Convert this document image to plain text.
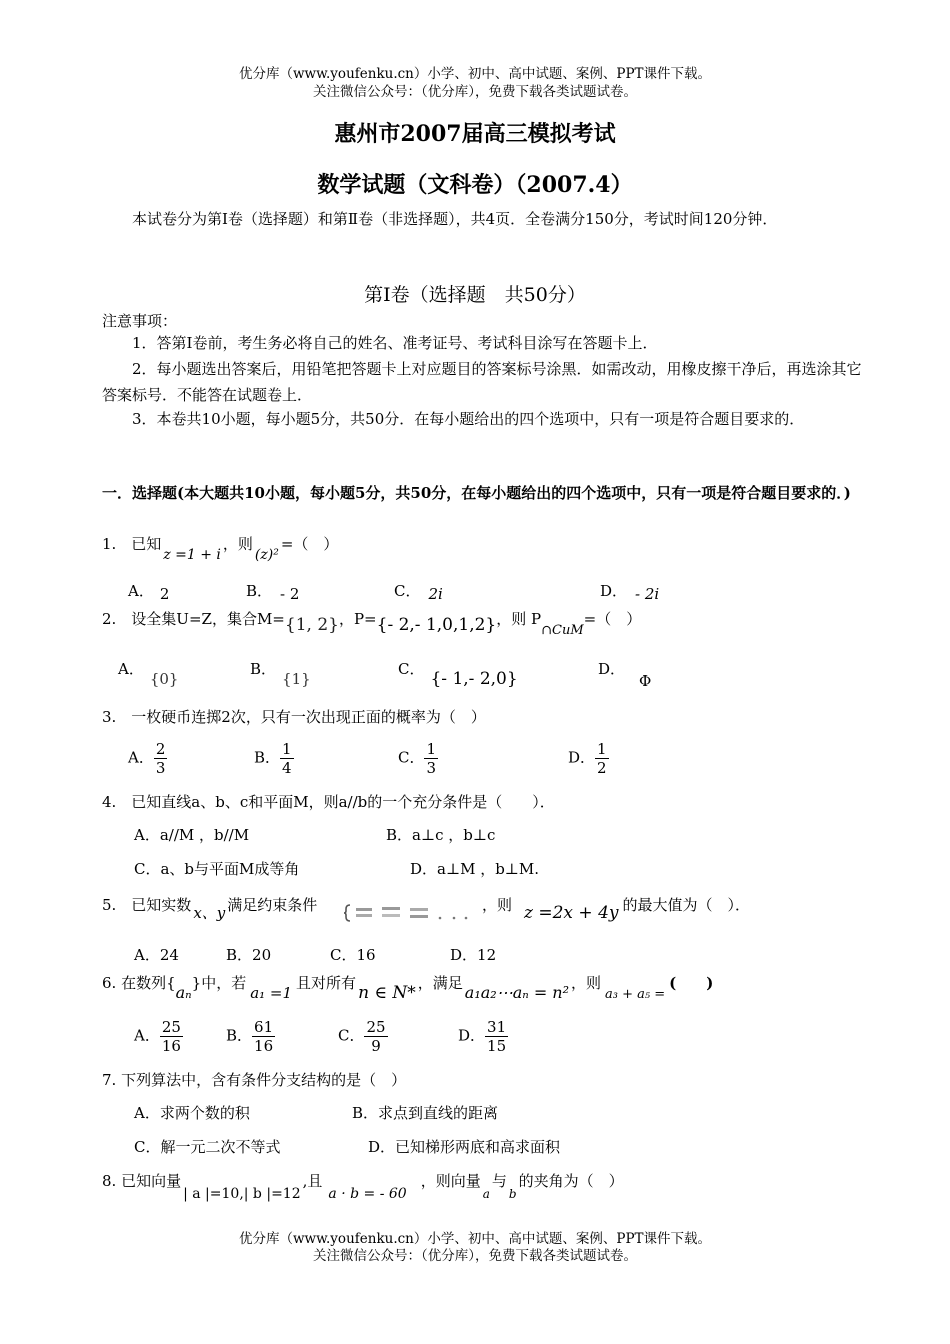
优分库（www.youfenku.cn）小学、初中、高中试题、案例、PPT课件下载。
关注微信公众号：（优分库），免费下载各类试题试卷。
惠州市2007届高三模拟考试
数学试题（文科卷）（2007.4）
本试卷分为第Ⅰ卷（选择题）和第Ⅱ卷（非选择题），共4页．全卷满分150分，考试时间120分钟．
第Ⅰ卷（选择题　共50分）
注意事项：
1．答第Ⅰ卷前，考生务必将自己的姓名、准考证号、考试科目涂写在答题卡上．
2．每小题选出答案后，用铅笔把答题卡上对应题目的答案标号涂黑．如需改动，用橡皮擦干净后，再选涂其它答案标号．不能答在试题卷上．
3．本卷共10小题，每小题5分，共50分．在每小题给出的四个选项中，只有一项是符合题目要求的．
一．选择题(本大题共10小题，每小题5分，共50分，在每小题给出的四个选项中，只有一项是符合题目要求的．)
1.　已知z =1 + i，则(z)²=（　）
A． 2	B． - 2	C． 2i	D． - 2i
2.　设全集U=Z，集合M={1, 2}，P={- 2,- 1,0,1,2}，则 P∩CuM=（　）
A．{0}
B．{1}
C． {- 1,- 2,0}	D．Φ
3.　一枚硬币连掷2次，只有一次出现正面的概率为（　）
A． $\frac{2}{3}$	B． $\frac{1}{4}$	C． $\frac{1}{3}$	D． $\frac{1}{2}$
4.　已知直线a、b、c和平面M，则a//b的一个充分条件是（　　）．
A．a//M ，b//M	B．a⊥c ，b⊥c
C．a、b与平面M成等角	D．a⊥M ，b⊥M.
5.　已知实数 x、y 满足约束条件	，则 z =2x + 4y 的最大值为（　）．
A．24	B．20	C．16	D．12
6. 在数列{aₙ}中，若a₁ =1且对所有 n ∈ N* ，满足 a₁a₂⋯aₙ = n² ，则a₃ + a₅ =(　　)
A． $\frac{25}{16}$	B． $\frac{61}{16}$	C． $\frac{25}{9}$	D． $\frac{31}{15}$
7. 下列算法中，含有条件分支结构的是（　）
A．求两个数的积	B．求点到直线的距离
C．解一元二次不等式	D．已知梯形两底和高求面积
8. 已知向量| a |=10,| b |=12,且a · b = - 60，则向量$_a$与$_b$的夹角为（　）
优分库（www.youfenku.cn）小学、初中、高中试题、案例、PPT课件下载。
关注微信公众号：（优分库），免费下载各类试题试卷。
